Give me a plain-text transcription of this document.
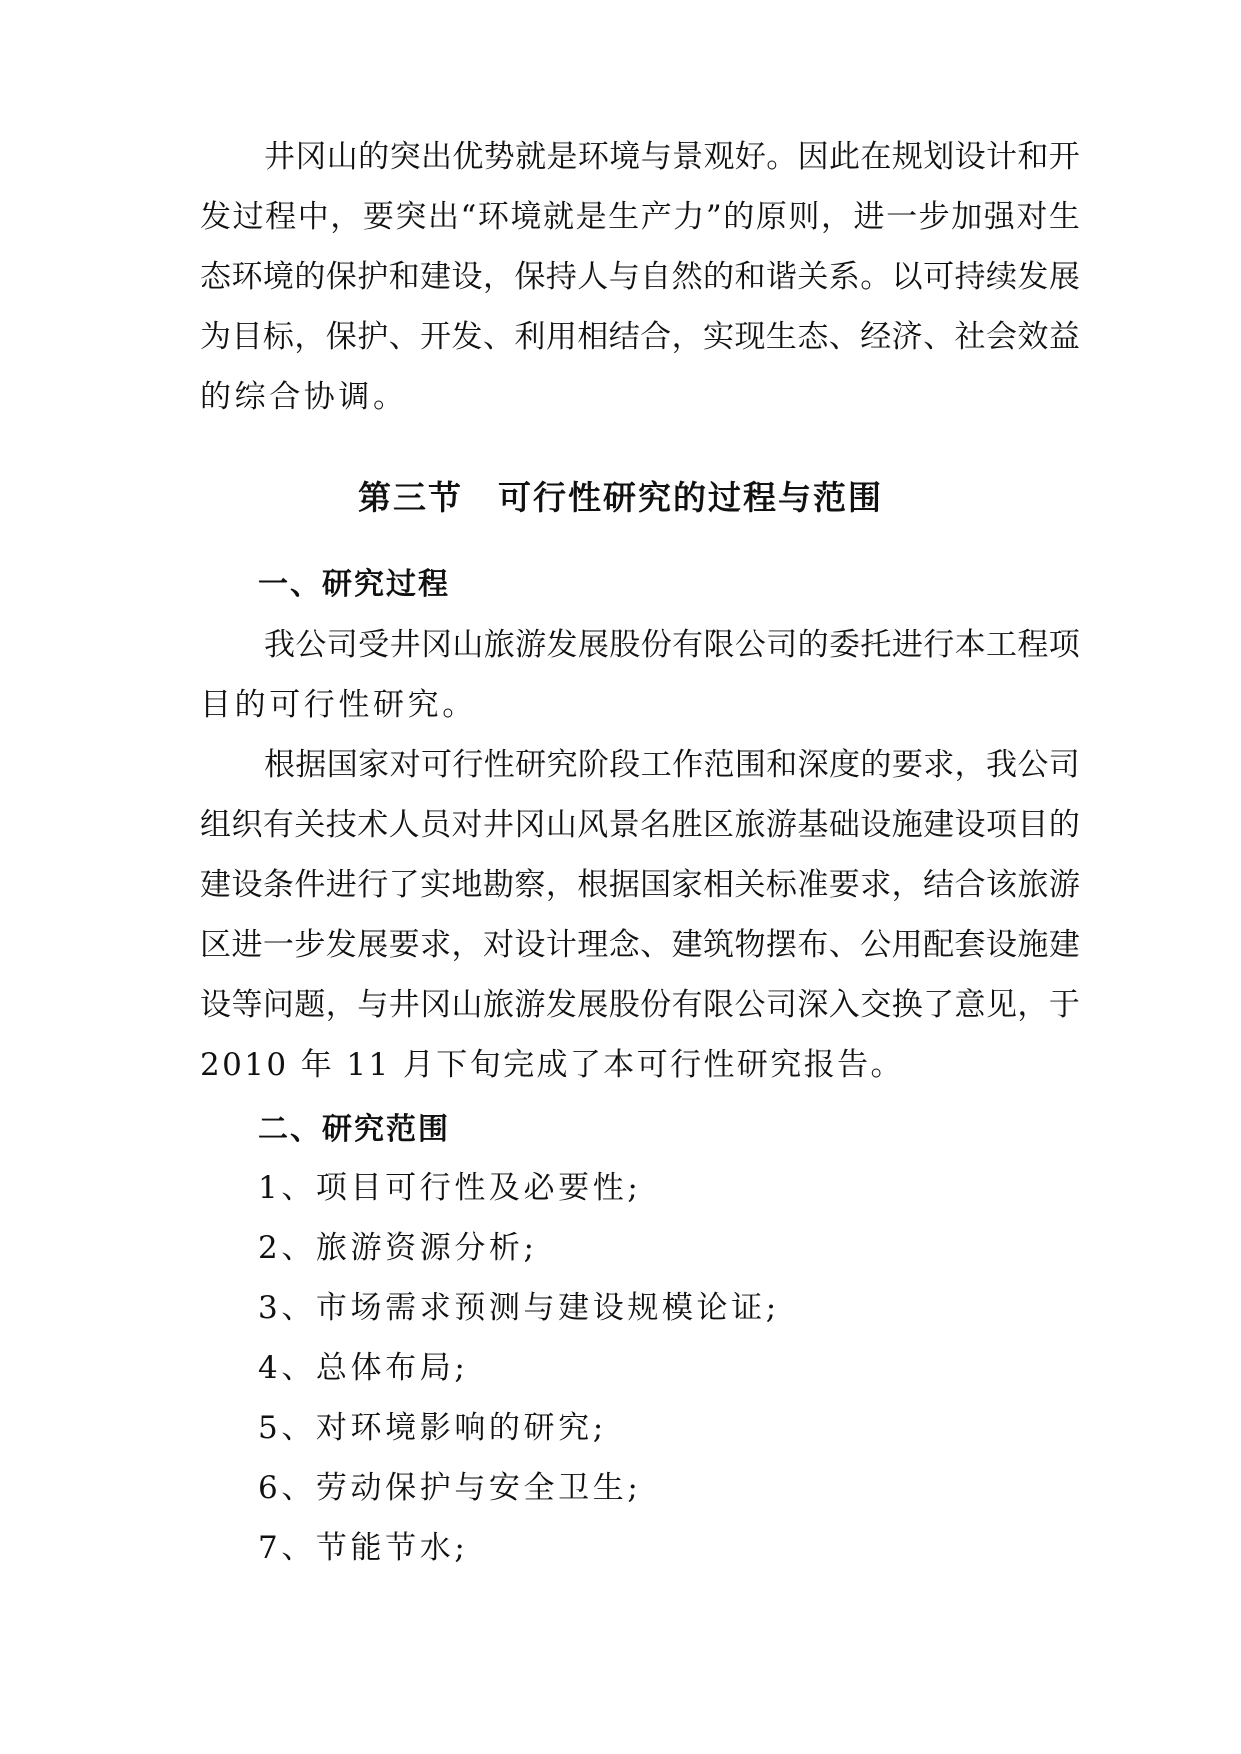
井 冈 山 的 突 出 优 势 就 是 环 境 与 景 观 好 。 因 此 在 规 划 设 计 和 开
发 过 程 中 ， 要 突 出 “ 环 境 就 是 生 产 力 ” 的 原 则 ， 进 一 步 加 强 对 生
态 环 境 的 保 护 和 建 设 ， 保 持 人 与 自 然 的 和 谐 关 系 。 以 可 持 续 发 展
为 目 标 ， 保 护 、 开 发 、 利 用 相 结 合 ， 实 现 生 态 、 经 济 、 社 会 效 益
的综合协调。
第三节　可行性研究的过程与范围
一、研究过程
我 公 司 受 井 冈 山 旅 游 发 展 股 份 有 限 公 司 的 委 托 进 行 本 工 程 项
目的可行性研究。
根 据 国 家 对 可 行 性 研 究 阶 段 工 作 范 围 和 深 度 的 要 求 ， 我 公 司
组 织 有 关 技 术 人 员 对 井 冈 山 风 景 名 胜 区 旅 游 基 础 设 施 建 设 项 目 的
建 设 条 件 进 行 了 实 地 勘 察 ， 根 据 国 家 相 关 标 准 要 求 ， 结 合 该 旅 游
区 进 一 步 发 展 要 求 ， 对 设 计 理 念 、 建 筑 物 摆 布 、 公 用 配 套 设 施 建
设 等 问 题 ， 与 井 冈 山 旅 游 发 展 股 份 有 限 公 司 深 入 交 换 了 意 见 ， 于
2010 年 11 月下旬完成了本可行性研究报告。
二、研究范围
1、项目可行性及必要性;
2、旅游资源分析;
3、市场需求预测与建设规模论证;
4、总体布局;
5、对环境影响的研究;
6、劳动保护与安全卫生;
7、节能节水;
